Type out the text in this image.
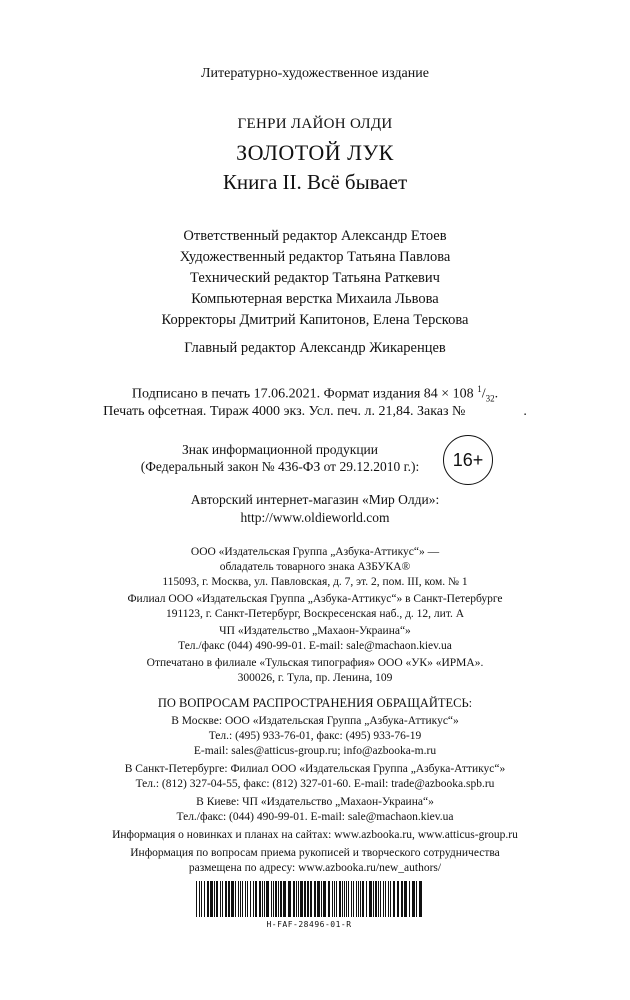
Литературно-художественное издание
ГЕНРИ ЛАЙОН ОЛДИ
ЗОЛОТОЙ ЛУК
Книга II. Всё бывает
Ответственный редактор Александр Етоев
Художественный редактор Татьяна Павлова
Технический редактор Татьяна Раткевич
Компьютерная верстка Михаила Львова
Корректоры Дмитрий Капитонов, Елена Терскова
Главный редактор Александр Жикаренцев
Подписано в печать 17.06.2021. Формат издания 84 × 108 $^1/_{32}$.
Печать офсетная. Тираж 4000 экз. Усл. печ. л. 21,84. Заказ №	.
Знак информационной продукции
(Федеральный закон № 436-ФЗ от 29.12.2010 г.):	16+
Авторский интернет-магазин «Мир Олди»:
http://www.oldieworld.com
ООО «Издательская Группа „Азбука-Аттикус“» —
обладатель товарного знака АЗБУКА®
115093, г. Москва, ул. Павловская, д. 7, эт. 2, пом. III, ком. № 1
Филиал ООО «Издательская Группа „Азбука-Аттикус“» в Санкт-Петербурге
191123, г. Санкт-Петербург, Воскресенская наб., д. 12, лит. А
ЧП «Издательство „Махаон-Украина“»
Тел./факс (044) 490-99-01. E-mail: sale@machaon.kiev.ua
Отпечатано в филиале «Тульская типография» ООО «УК» «ИРМА».
300026, г. Тула, пр. Ленина, 109
ПО ВОПРОСАМ РАСПРОСТРАНЕНИЯ ОБРАЩАЙТЕСЬ:
В Москве: ООО «Издательская Группа „Азбука-Аттикус“»
Тел.: (495) 933-76-01, факс: (495) 933-76-19
E-mail: sales@atticus-group.ru; info@azbooka-m.ru
В Санкт-Петербурге: Филиал ООО «Издательская Группа „Азбука-Аттикус“»
Тел.: (812) 327-04-55, факс: (812) 327-01-60. E-mail: trade@azbooka.spb.ru
В Киеве: ЧП «Издательство „Махаон-Украина“»
Тел./факс: (044) 490-99-01. E-mail: sale@machaon.kiev.ua
Информация о новинках и планах на сайтах: www.azbooka.ru, www.atticus-group.ru
Информация по вопросам приема рукописей и творческого сотрудничества
размещена по адресу: www.azbooka.ru/new_authors/
H-FAF-28496-01-R
